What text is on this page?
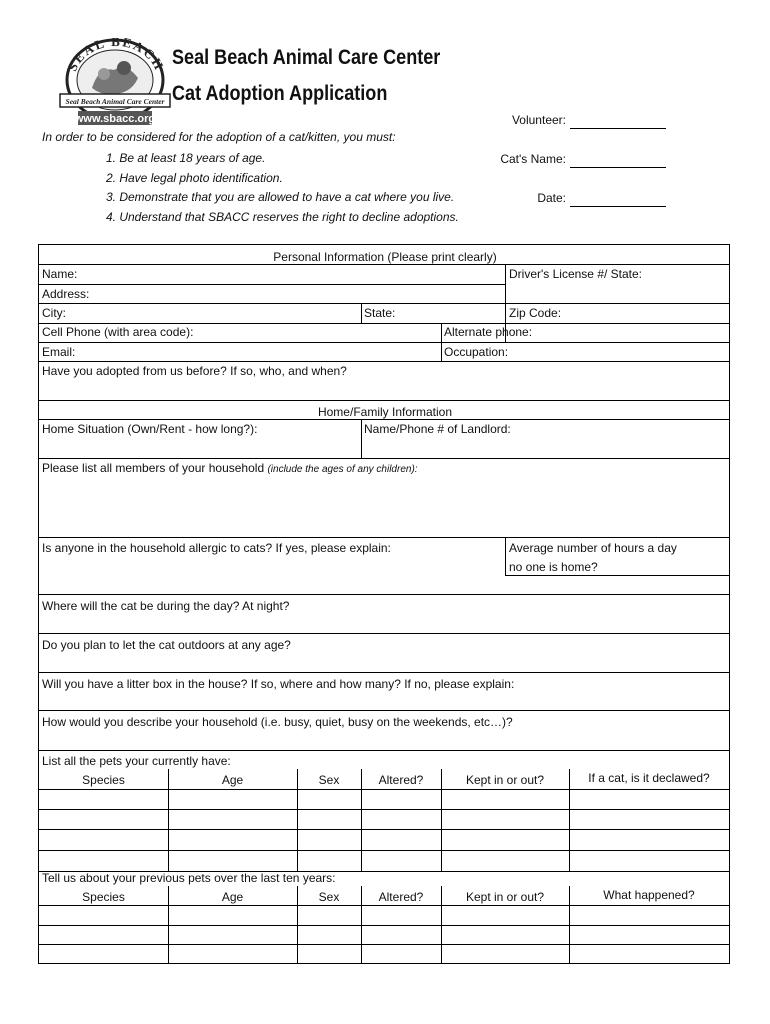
SEAL BEACH
Seal Beach Animal Care Center
www.sbacc.org
Seal Beach Animal Care Center
Cat Adoption Application
Volunteer:
Cat's Name:
Date:
In order to be considered for the adoption of a cat/kitten, you must:
1. Be at least 18 years of age.
2. Have legal photo identification.
3. Demonstrate that you are allowed to have a cat where you live.
4. Understand that SBACC reserves the right to decline adoptions.
Personal Information (Please print clearly)
Name:	Driver's License #/ State:
Address:
City:	State:	Zip Code:
Cell Phone (with area code):	Alternate phone:
Email:	Occupation:
Have you adopted from us before? If so, who, and when?
Home/Family Information
Home Situation (Own/Rent - how long?):	Name/Phone # of Landlord:
Please list all members of your household (include the ages of any children):
Is anyone in the household allergic to cats? If yes, please explain:	Average number of hours a day
no one is home?
Where will the cat be during the day? At night?
Do you plan to let the cat outdoors at any age?
Will you have a litter box in the house? If so, where and how many? If no, please explain:
How would you describe your household (i.e. busy, quiet, busy on the weekends, etc…)?
List all the pets your currently have:
Species	Age	Sex	Altered?	Kept in or out?	If a cat, is it declawed?
Tell us about your previous pets over the last ten years:
Species	Age	Sex	Altered?	Kept in or out?	What happened?
